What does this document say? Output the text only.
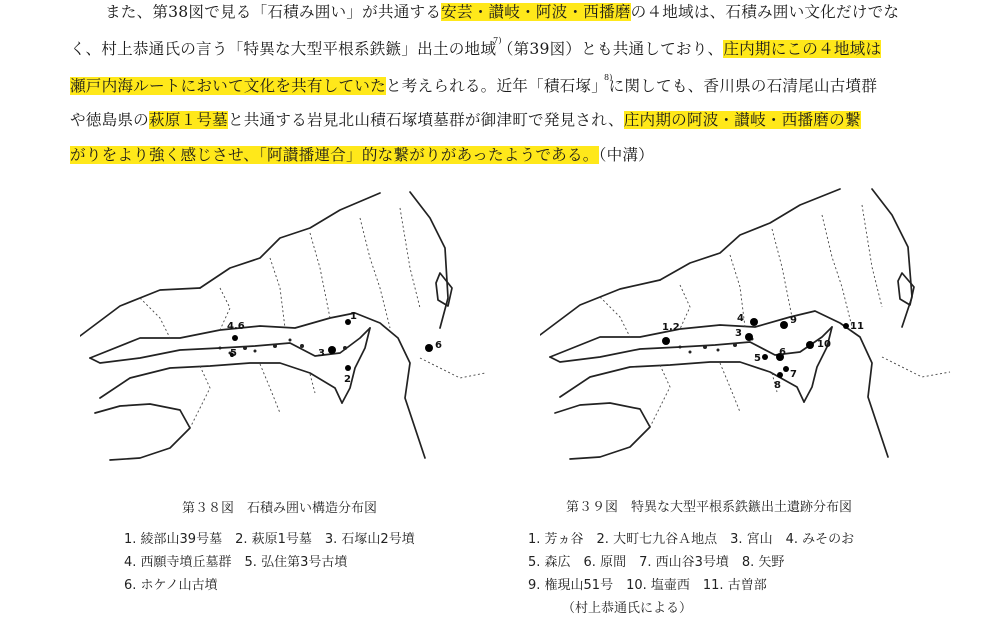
また、第38図で見る「石積み囲い」が共通する安芸・讃岐・阿波・西播磨の４地域は、石積み囲い文化だけでな
く、村上恭通氏の言う「特異な大型平根系鉄鏃」出土の地域$^{7)}$（第39図）とも共通しており、庄内期にこの４地域は
瀬戸内海ルートにおいて文化を共有していたと考えられる。近年「積石塚」$^{8)}$に関しても、香川県の石清尾山古墳群
や徳島県の萩原１号墓と共通する岩見北山積石塚墳墓群が御津町で発見され、庄内期の阿波・讃岐・西播磨の繋
がりをより強く感じさせ、「阿讃播連合」的な繋がりがあったようである。（中溝）
1
4.6
3
2
5
6
1.2
4
3
9
11
10
5
6
7
8
第３８図　石積み囲い構造分布図	第３９図　特異な大型平根系鉄鏃出土遺跡分布図
1. 綾部山39号墓　2. 萩原1号墓　3. 石塚山2号墳
4. 西願寺墳丘墓群　5. 弘住第3号古墳
6. ホケノ山古墳
1. 芳ヵ谷　2. 大町七九谷Ａ地点　3. 宮山　4. みそのお
5. 森広　6. 原間　7. 西山谷3号墳　8. 矢野
9. 権現山51号　10. 塩壷西　11. 古曽部
（村上恭通氏による）
